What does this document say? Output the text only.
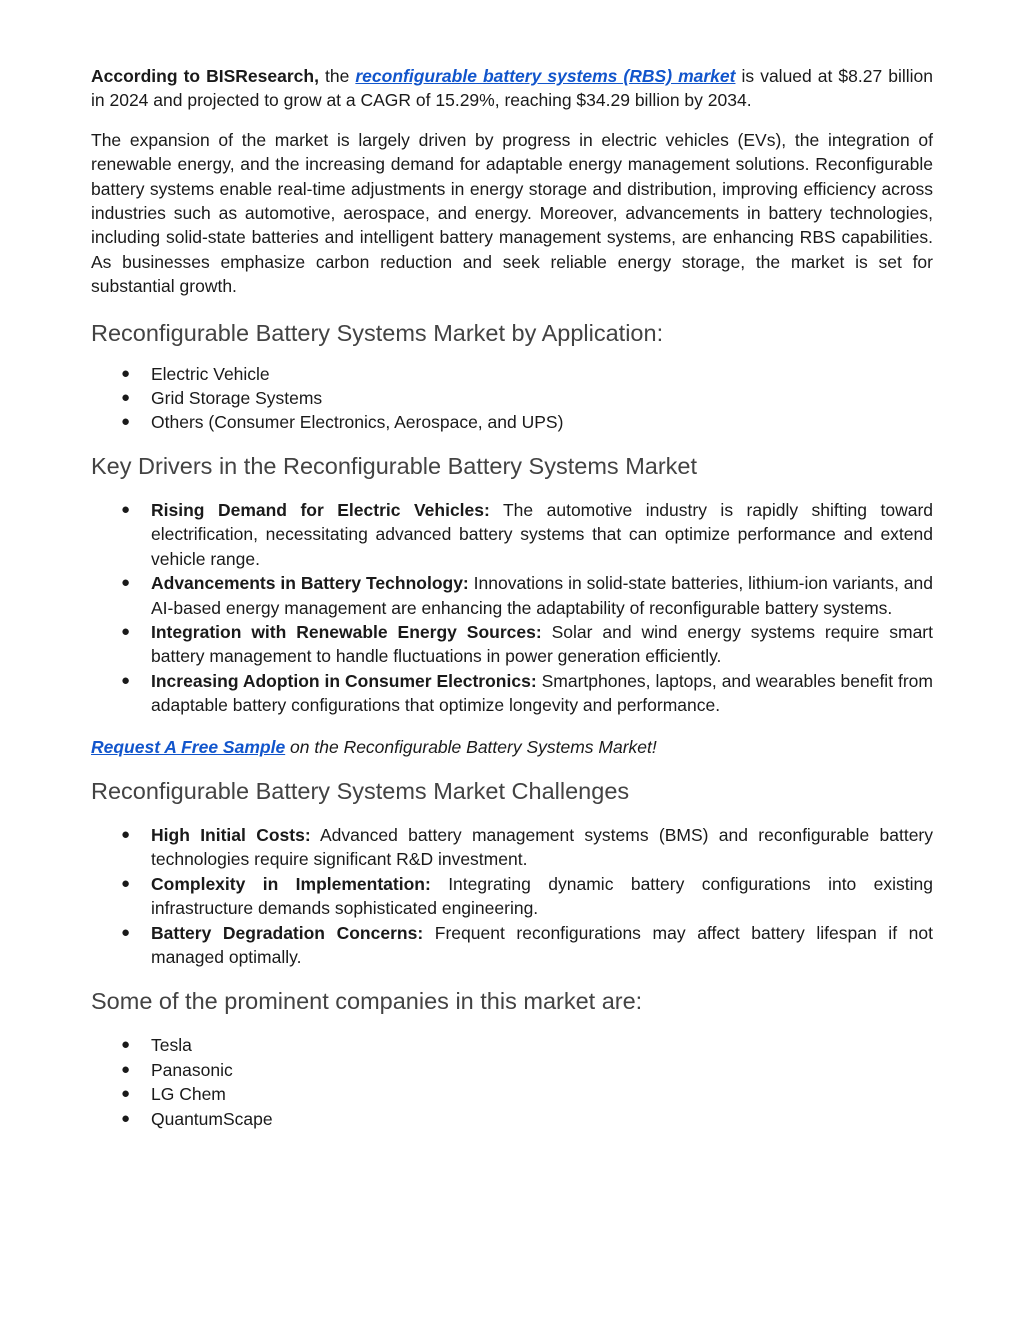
According to BISResearch, the reconfigurable battery systems (RBS) market is valued at $8.27 billion in 2024 and projected to grow at a CAGR of 15.29%, reaching $34.29 billion by 2034.

The expansion of the market is largely driven by progress in electric vehicles (EVs), the integration of renewable energy, and the increasing demand for adaptable energy management solutions. Reconfigurable battery systems enable real-time adjustments in energy storage and distribution, improving efficiency across industries such as automotive, aerospace, and energy. Moreover, advancements in battery technologies, including solid-state batteries and intelligent battery management systems, are enhancing RBS capabilities. As businesses emphasize carbon reduction and seek reliable energy storage, the market is set for substantial growth.

Reconfigurable Battery Systems Market by Application:
● Electric Vehicle
● Grid Storage Systems
● Others (Consumer Electronics, Aerospace, and UPS)
Key Drivers in the Reconfigurable Battery Systems Market
● Rising Demand for Electric Vehicles: The automotive industry is rapidly shifting toward electrification, necessitating advanced battery systems that can optimize performance and extend vehicle range.
● Advancements in Battery Technology: Innovations in solid-state batteries, lithium-ion variants, and AI-based energy management are enhancing the adaptability of reconfigurable battery systems.
● Integration with Renewable Energy Sources: Solar and wind energy systems require smart battery management to handle fluctuations in power generation efficiently.
● Increasing Adoption in Consumer Electronics: Smartphones, laptops, and wearables benefit from adaptable battery configurations that optimize longevity and performance.

Request A Free Sample on the Reconfigurable Battery Systems Market!

Reconfigurable Battery Systems Market Challenges
● High Initial Costs: Advanced battery management systems (BMS) and reconfigurable battery technologies require significant R&D investment.
● Complexity in Implementation: Integrating dynamic battery configurations into existing infrastructure demands sophisticated engineering.
● Battery Degradation Concerns: Frequent reconfigurations may affect battery lifespan if not managed optimally.
Some of the prominent companies in this market are:
● Tesla
● Panasonic
● LG Chem
● QuantumScape
